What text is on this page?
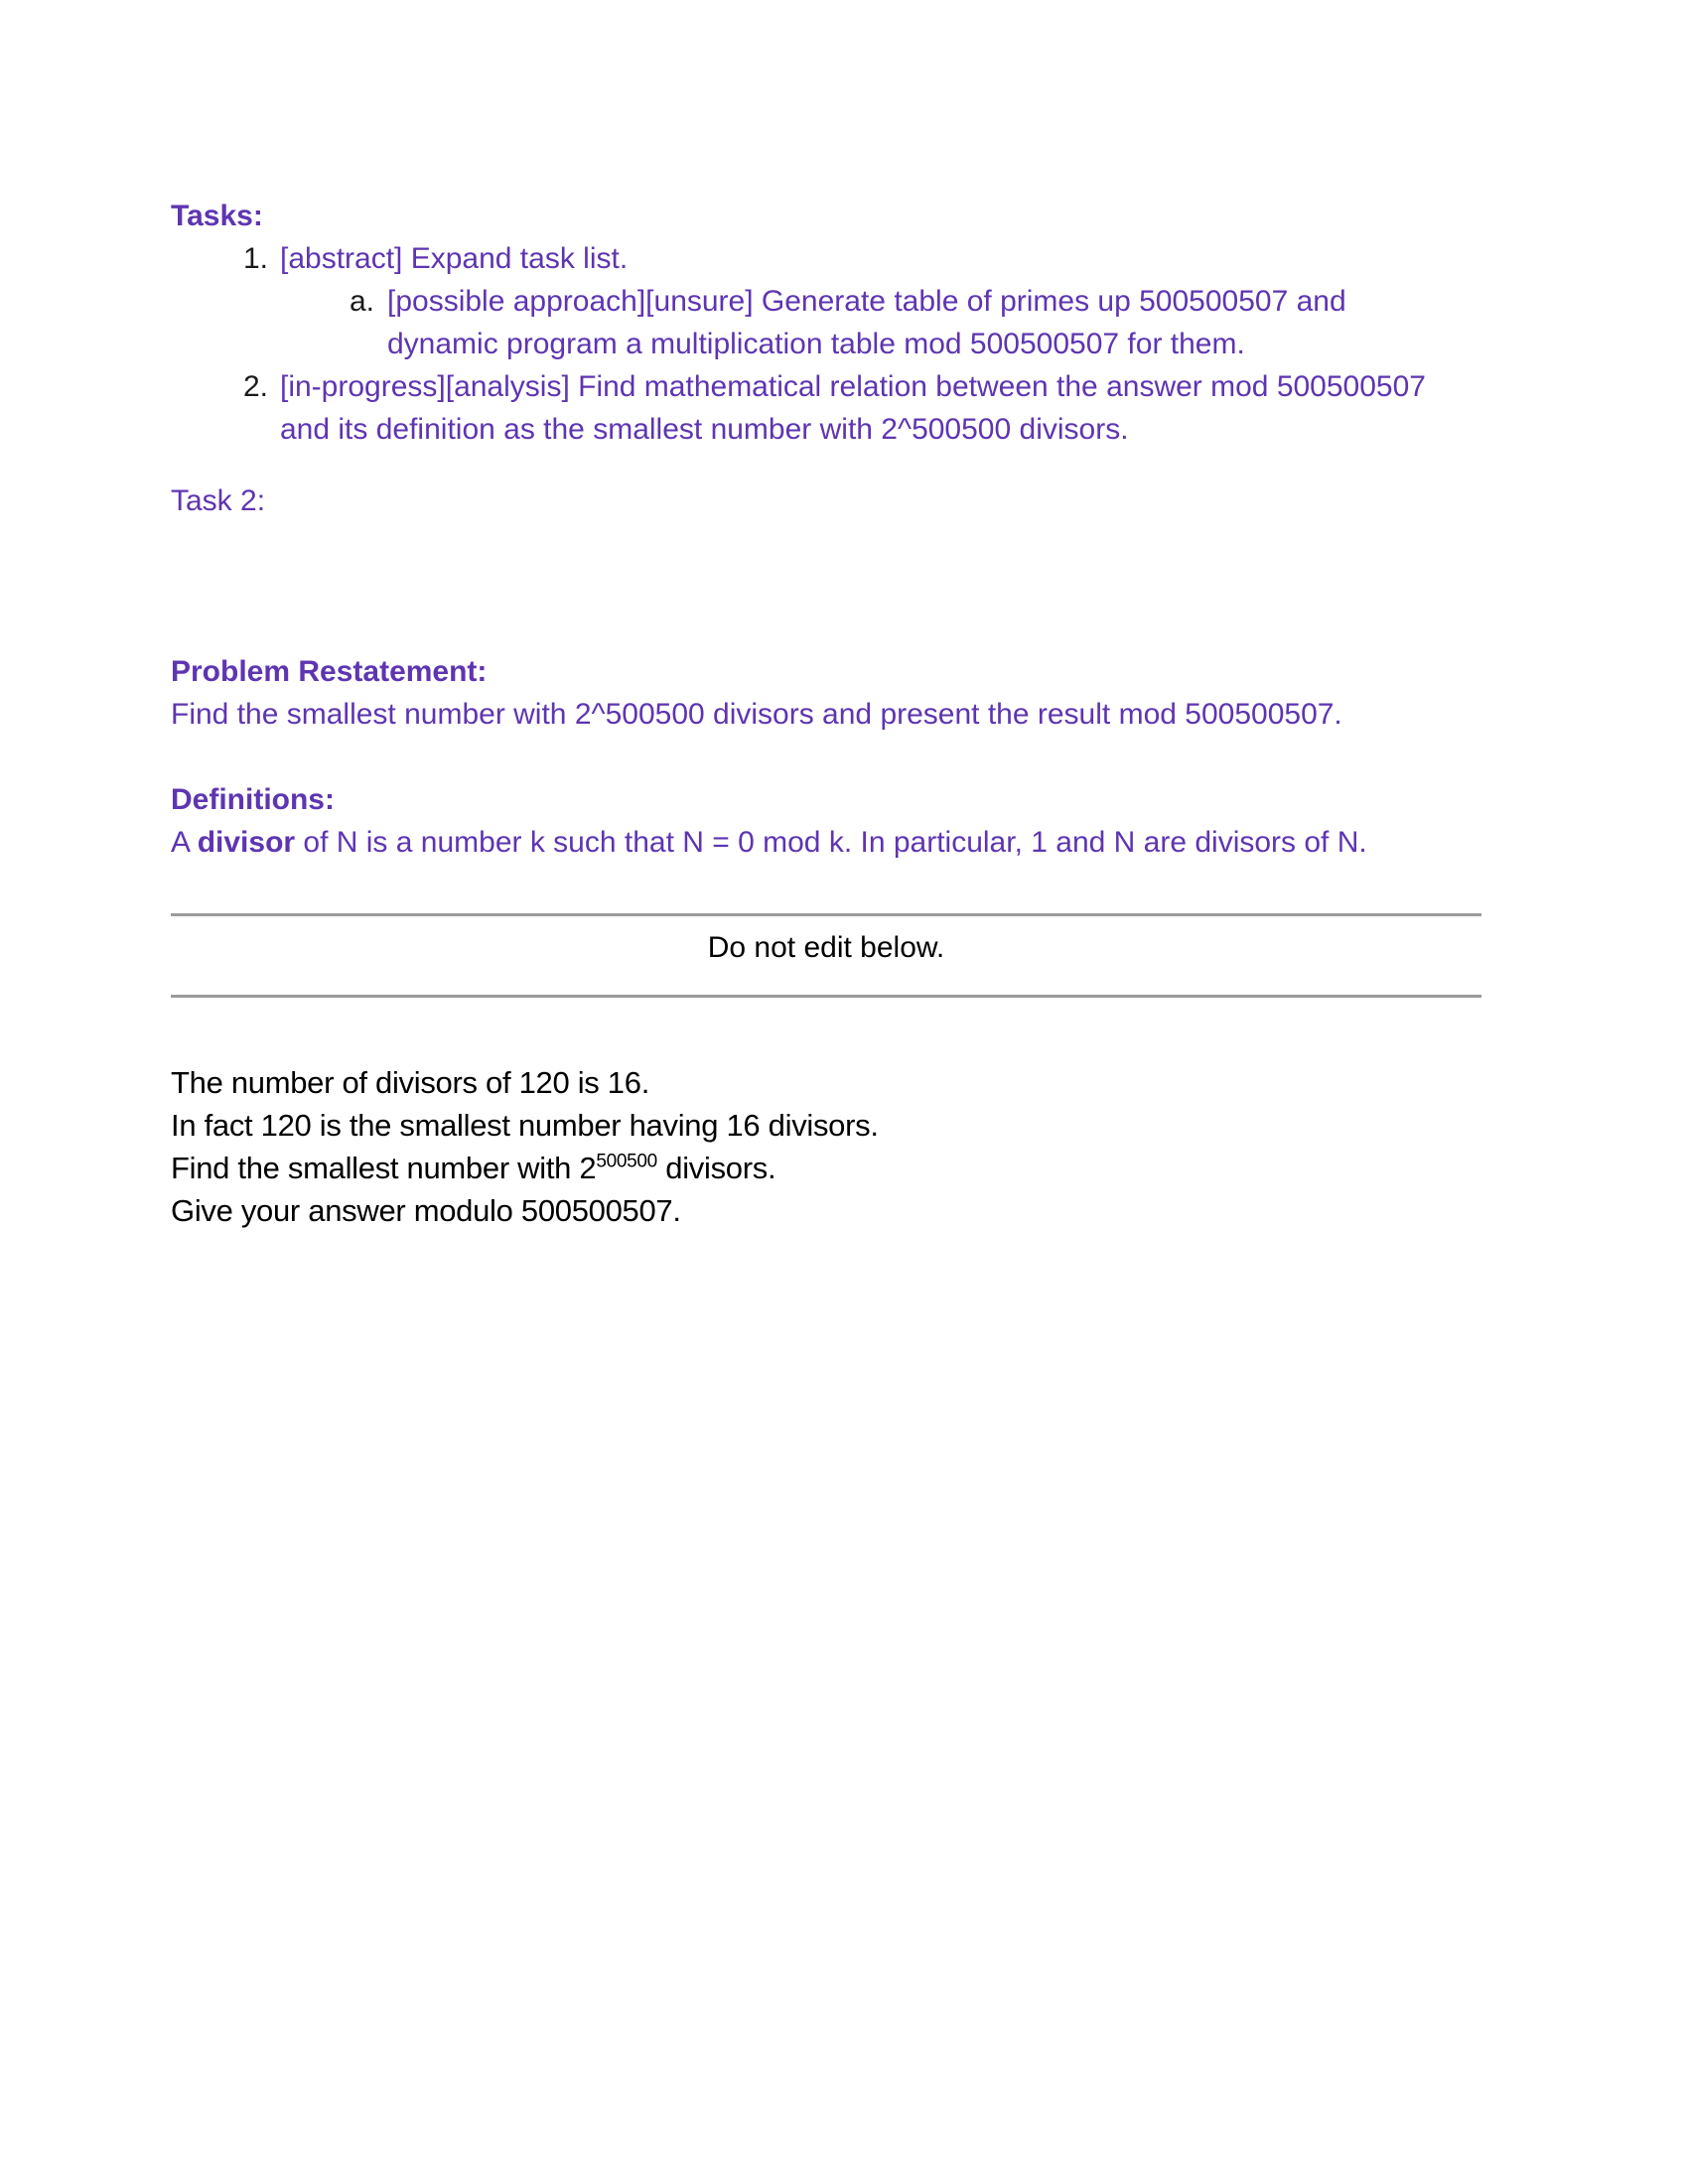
Tasks:
1. [abstract] Expand task list.
a. [possible approach][unsure] Generate table of primes up 500500507 and
dynamic program a multiplication table mod 500500507 for them.
2. [in-progress][analysis] Find mathematical relation between the answer mod 500500507
and its definition as the smallest number with 2^500500 divisors.
Task 2:
Problem Restatement:
Find the smallest number with 2^500500 divisors and present the result mod 500500507.
Definitions:
A divisor of N is a number k such that N = 0 mod k. In particular, 1 and N are divisors of N.
Do not edit below.
The number of divisors of 120 is 16.
In fact 120 is the smallest number having 16 divisors.
Find the smallest number with $2^{500500}$ divisors.
Give your answer modulo 500500507.
